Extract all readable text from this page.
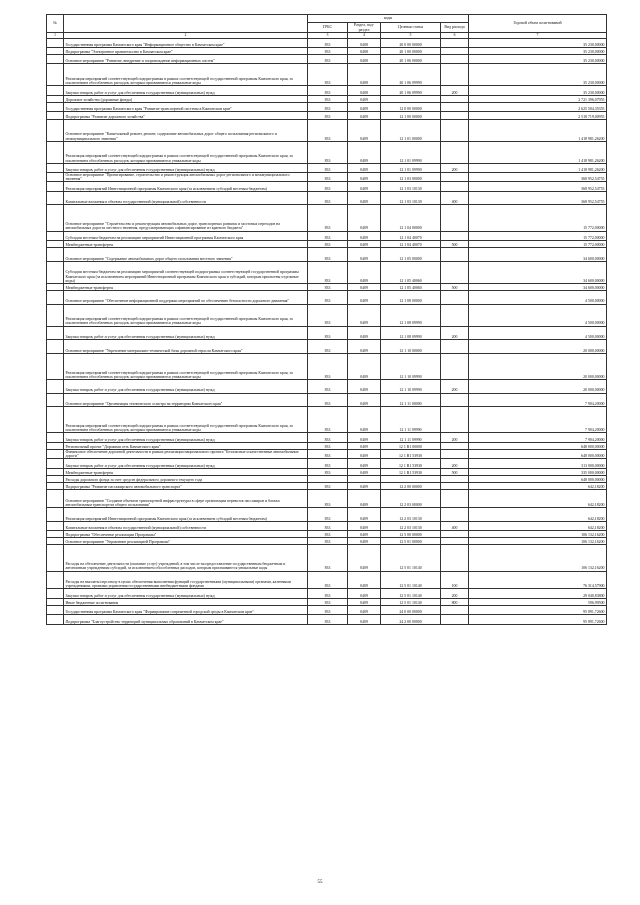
№		коды				Годовой объем ассигнований
		ГРБС	Раздел, под-раздел	Целевая статья	Вид расхода	
1	2	3	4	5	6	7
	Государственная программа Камчатского края "Информационное общество в Камчатском крае"	833	0408	20 0 00 00000		35 230,00000
	Подпрограмма "Электронное правительство в Камчатском крае"	833	0408	20 1 00 00000		35 230,00000
	Основное мероприятие "Развитие, внедрение и сопровождение информационных систем"	833	0408	20 1 06 00000		35 230,00000
	Реализация мероприятий соответствующей подпрограммы в рамках соответствующей государственной программы Камчатского края, за исключением обособленных расходов, которым присваиваются уникальные коды	833	0408	20 1 06 09990		35 230,00000
	Закупка товаров, работ и услуг для обеспечения государственных (муниципальных) нужд	833	0408	20 1 06 09990	200	35 230,00000
	Дорожное хозяйство (дорожные фонды)	833	0409			2 721 396,07955
	Государственная программа Камчатского края "Развитие транспортной системы в Камчатском крае"	833	0409	12 0 00 00000		2 625 504,35355
	Подпрограмма "Развитие дорожного хозяйства"	833	0409	12 1 00 00000		2 518 719,00955
	Основное мероприятие "Капитальный ремонт, ремонт, содержание автомобильных дорог общего пользования регионального и межмуниципального значения"	833	0409	12 1 01 00000		1 418 981,26200
	Реализация мероприятий соответствующей подпрограммы в рамках соответствующей государственной программы Камчатского края, за исключением обособленных расходов, которым присваиваются уникальные коды	833	0409	12 1 01 09990		1 418 981,26200
	Закупка товаров, работ и услуг для обеспечения государственных (муниципальных) нужд	833	0409	12 1 01 09990	200	1 418 981,26200
	Основное мероприятие "Проектирование, строительство и реконструкция автомобильных дорог регионального и межмуниципального значения"	833	0409	12 1 03 00000		368 952,54755
	Реализация мероприятий Инвестиционной программы Камчатского края (за исключением субсидий местным бюджетам)	833	0409	12 1 03 10130		368 952,54755
	Капитальные вложения в объекты государственной (муниципальной) собственности	833	0409	12 1 03 10130	400	368 952,54755
	Основное мероприятие "Строительство и реконструкция автомобильных дорог, транспортных развязок и мостовых переходов на автомобильных дорогах местного значения, предусматривающих софинансирование из краевого бюджета"	833	0409	12 1 04 00000		15 772,00000
	Субсидии местным бюджетам на реализацию мероприятий Инвестиционной программы Камчатского края	833	0409	12 1 04 40070		15 772,00000
	Межбюджетные трансферты	833	0409	12 1 04 40070	500	15 772,00000
	Основное мероприятие "Содержание автомобильных дорог общего пользования местного значения"	833	0409	12 1 05 00000		34 600,00000
	Субсидии местным бюджетам на реализацию мероприятий соответствующей подпрограммы соответствующей государственной программы Камчатского края (за исключением мероприятий Инвестиционной программы Камчатского края и субсидий, которым присвоены отдельные коды)	833	0409	12 1 05 40060		34 600,00000
	Межбюджетные трансферты	833	0409	12 1 05 40060	500	34 600,00000
	Основное мероприятие "Обеспечение информационной поддержки мероприятий по обеспечению безопасности дорожного движения"	833	0409	12 1 08 00000		4 500,00000
	Реализация мероприятий соответствующей подпрограммы в рамках соответствующей государственной программы Камчатского края, за исключением обособленных расходов, которым присваиваются уникальные коды	833	0409	12 1 08 09990		4 500,00000
	Закупка товаров, работ и услуг для обеспечения государственных (муниципальных) нужд	833	0409	12 1 08 09990	200	4 500,00000
	Основное мероприятие "Укрепление материально-технической базы дорожной отрасли Камчатского края"	833	0409	12 1 10 00000		20 000,00000
	Реализация мероприятий соответствующей подпрограммы в рамках соответствующей государственной программы Камчатского края, за исключением обособленных расходов, которым присваиваются уникальные коды	833	0409	12 1 10 09990		20 000,00000
	Закупка товаров, работ и услуг для обеспечения государственных (муниципальных) нужд	833	0409	12 1 10 09990	200	20 000,00000
	Основное мероприятие "Организация технического осмотра на территории Камчатского края"	833	0409	12 1 11 00000		7 904,20000
	Реализация мероприятий соответствующей подпрограммы в рамках соответствующей государственной программы Камчатского края, за исключением обособленных расходов, которым присваиваются уникальные коды	833	0409	12 1 11 09990		7 904,20000
	Закупка товаров, работ и услуг для обеспечения государственных (муниципальных) нужд	833	0409	12 1 11 09990	200	7 904,20000
	Региональный проект "Дорожная сеть Камчатского края"	833	0409	12 1 R1 00000		648 000,00000
	Финансовое обеспечение дорожной деятельности в рамках реализации национального проекта "Безопасные и качественные автомобильные дороги"	833	0409	12 1 R1 53930		648 000,00000
	Закупка товаров, работ и услуг для обеспечения государственных (муниципальных) нужд	833	0409	12 1 R1 53930	200	313 000,00000
	Межбюджетные трансферты	833	0409	12 1 R1 53930	500	335 000,00000
	Расходы дорожного фонда за счет средств федерального дорожного текущего года					648 000,00000
	Подпрограмма "Развитие пассажирского автомобильного транспорта"	833	0409	12 2 00 00000		642,18200
	Основное мероприятие "Создание объектов транспортной инфраструктуры в сфере организации перевозок пассажиров и багажа автомобильным транспортом общего пользования"	833	0409	12 2 03 00000		642,18200
	Реализация мероприятий Инвестиционной программы Камчатского края (за исключением субсидий местным бюджетам)	833	0409	12 2 03 10130		642,18200
	Капитальные вложения в объекты государственной (муниципальной) собственности	833	0409	12 2 03 10130	400	642,18200
	Подпрограмма "Обеспечение реализации Программы"	833	0409	12 5 00 00000		106 132,16200
	Основное мероприятие "Управление реализацией Программы"	833	0409	12 5 01 00000		106 132,16200
	Расходы на обеспечение деятельности (оказание услуг) учреждений, в том числе на предоставление государственным бюджетным и автономным учреждениям субсидий, за исключением обособленных расходов, которым присваиваются уникальные коды	833	0409	12 5 01 10140		106 132,16200
	Расходы на выплаты персоналу в целях обеспечения выполнения функций государственными (муниципальными) органами, казенными учреждениями, органами управления государственными внебюджетными фондами	833	0409	12 5 01 10140	100	76 314,57900
	Закупка товаров, работ и услуг для обеспечения государственных (муниципальных) нужд	833	0409	12 5 01 10140	200	29 040,83800
	Иные бюджетные ассигнования	833	0409	12 5 01 10140	800	596,99500
	Государственная программа Камчатского края "Формирование современной городской среды в Камчатском крае"	833	0409	24 0 00 00000		95 891,72600
	Подпрограмма "Благоустройство территорий муниципальных образований в Камчатском крае"	833	0409	24 2 00 00000		95 891,72600
55
